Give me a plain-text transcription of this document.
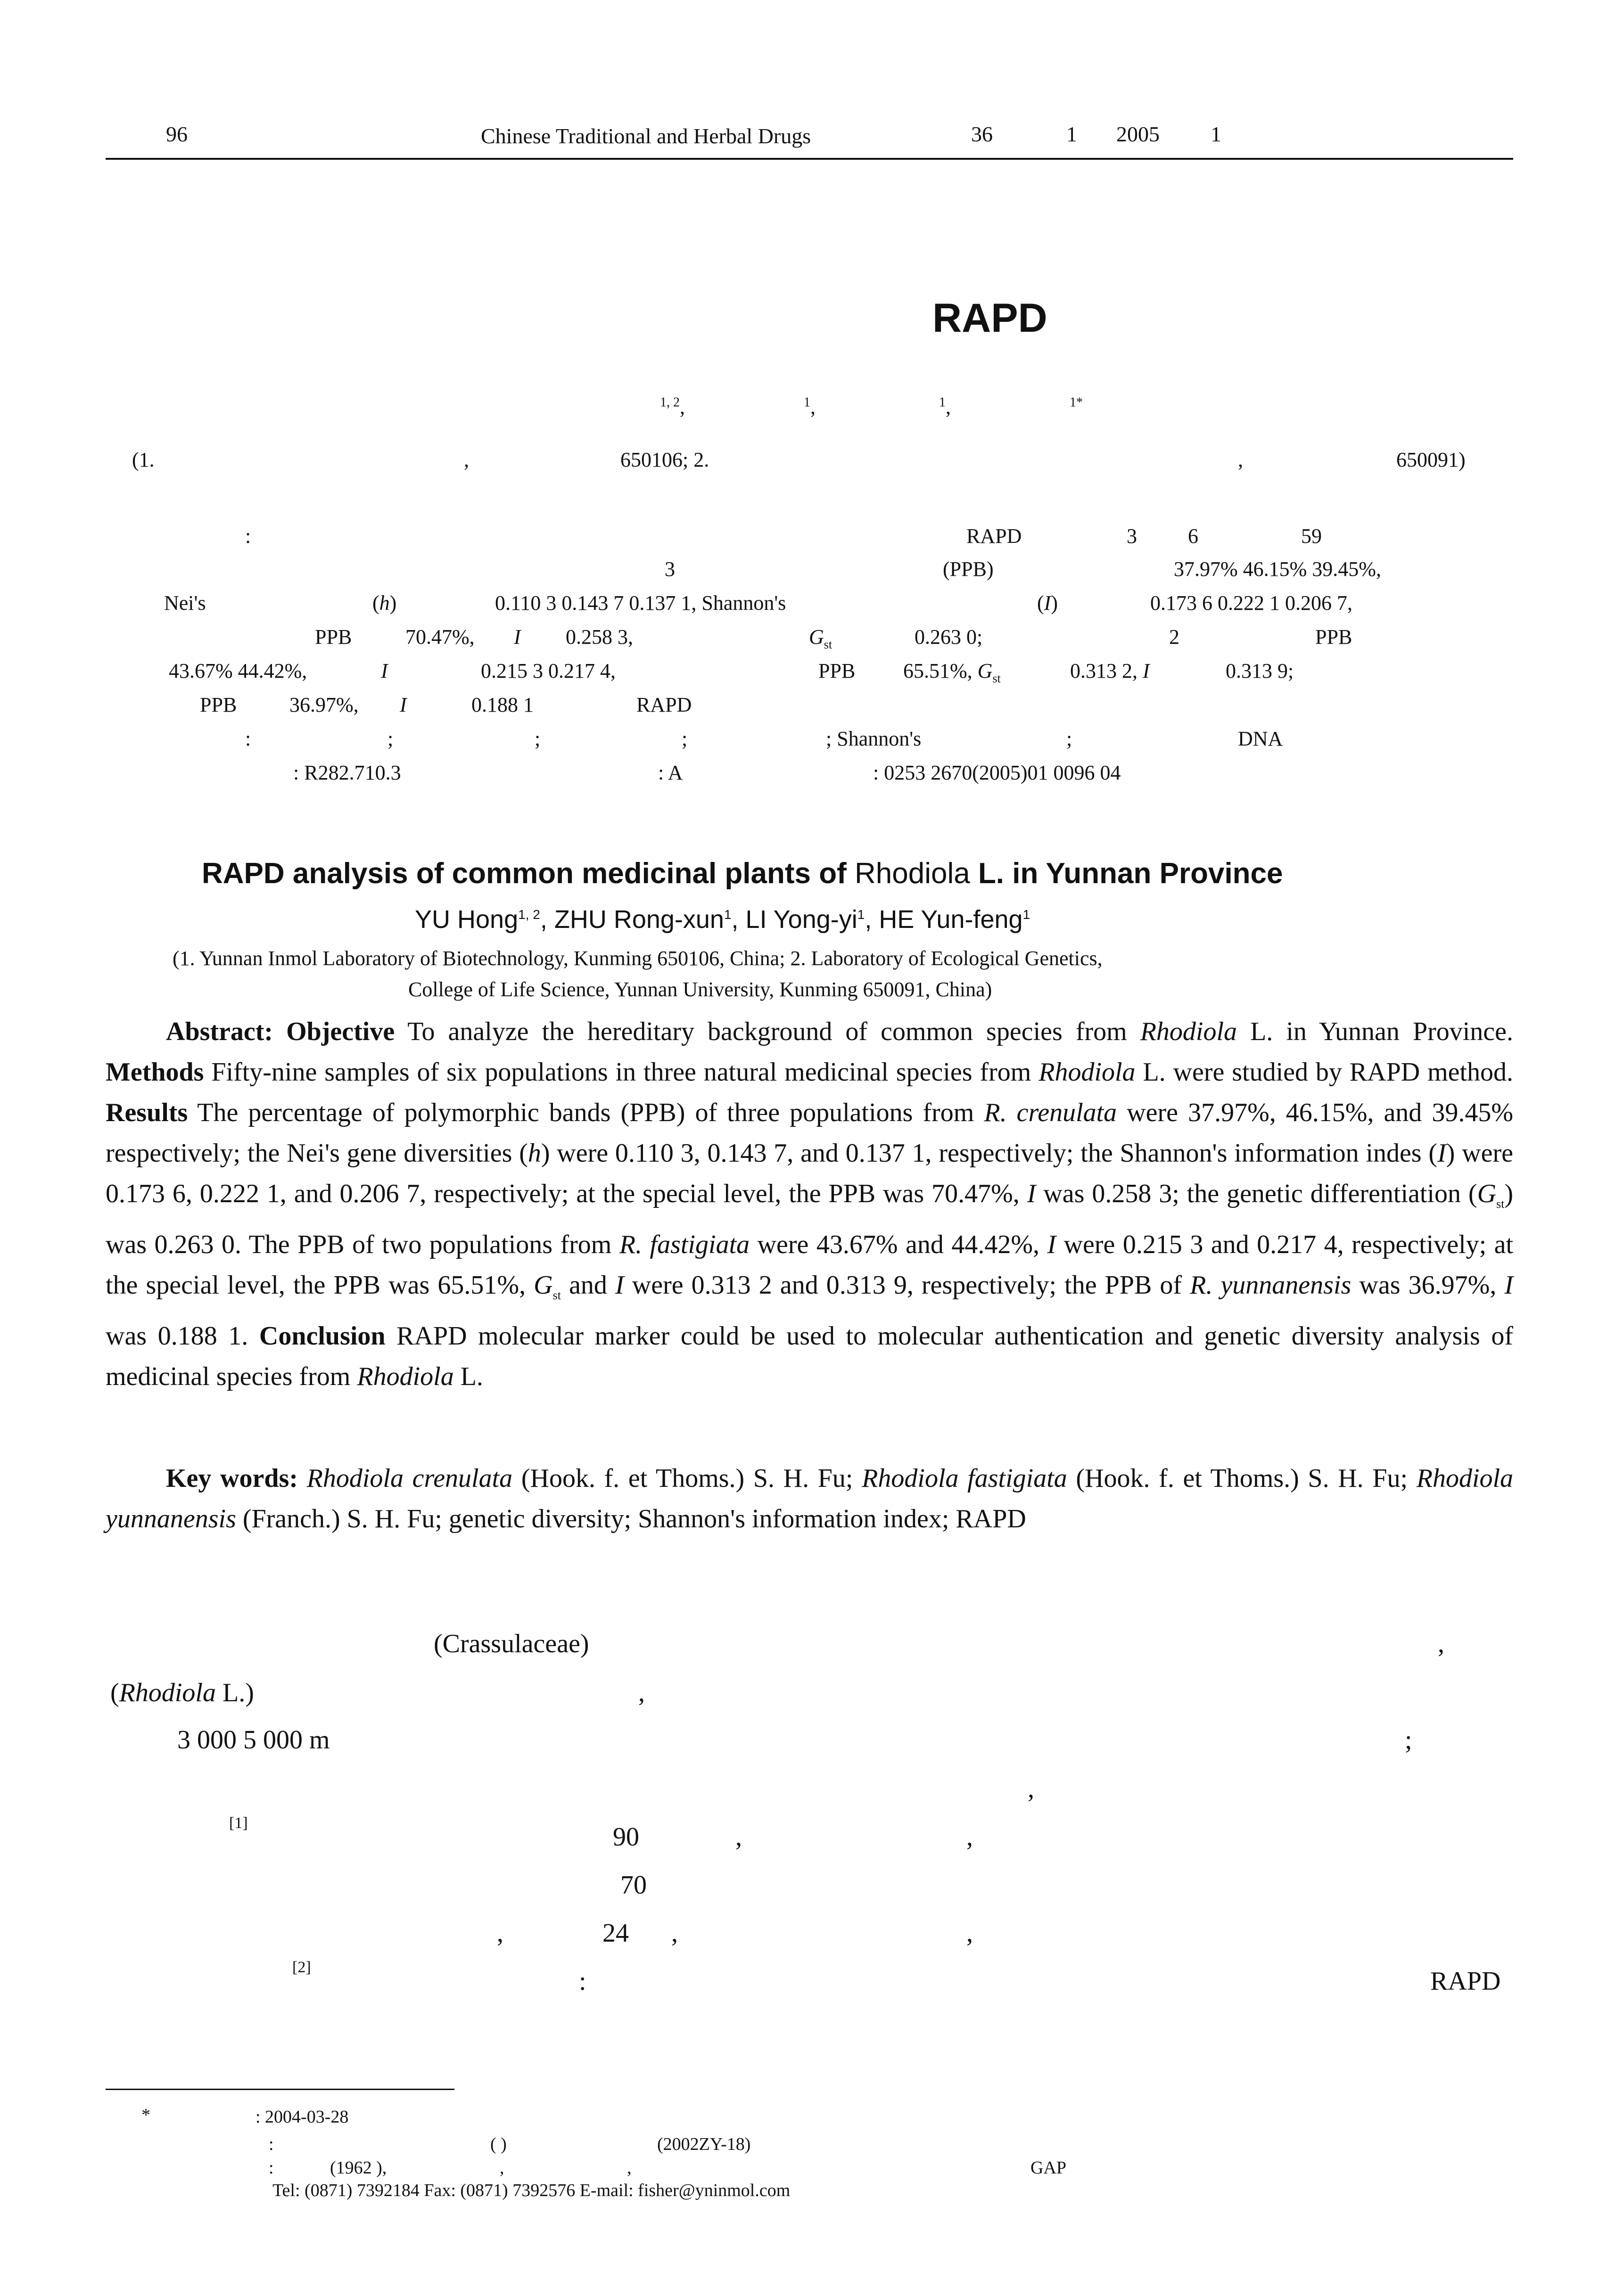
96	Chinese Traditional and Herbal Drugs	36	1 2005 1
RAPD
$^{1, 2}$,	$^1$,	$^1$,	$^{1*}$
(1.	,	650106; 2.	,	650091)
:	RAPD	3 6	59
3	(PPB)	37.97% 46.15% 39.45%,
Nei's	(h)	0.110 3 0.143 7 0.137 1, Shannon's	(I)	0.173 6 0.222 1 0.206 7,
PPB	70.47%, I 0.258 3,	$G_{st}$	0.263 0;	2	PPB
43.67% 44.42%,	I	0.215 3 0.217 4,	PPB 65.51%, $G_{st}$	0.313 2, I	0.313 9;
PPB	36.97%, I	0.188 1	RAPD
:	;	;	;	; Shannon's	;	DNA
: R282.710.3	: A	: 0253 2670(2005)01 0096 04
RAPD analysis of common medicinal plants of Rhodiola L. in Yunnan Province
YU Hong$^{1, 2}$, ZHU Rong-xun$^1$, LI Yong-$yi^1$, HE Yun-feng$^1$
(1. Yunnan Inmol Laboratory of Biotechnology, Kunming 650106, China; 2. Laboratory of Ecological Genetics,
College of Life Science, Yunnan University, Kunming 650091, China)
Abstract: Objective To analyze the hereditary background of common species from Rhodiola L. in Yunnan Province. Methods Fifty-nine samples of six populations in three natural medicinal species from Rhodiola L. were studied by RAPD method. Results The percentage of polymorphic bands (PPB) of three populations from R. crenulata were 37.97%, 46.15%, and 39.45% respectively; the Nei's gene diversities (h) were 0.110 3, 0.143 7, and 0.137 1, respectively; the Shannon's information indes (I) were 0.173 6, 0.222 1, and 0.206 7, respectively; at the special level, the PPB was 70.47%, I was 0.258 3; the genetic differentiation $(G_{st})$ was 0.263 0. The PPB of two populations from R. fastigiata were 43.67% and 44.42%, I were 0.215 3 and 0.217 4, respectively; at the special level, the PPB was 65.51%, $G_{st}$ and I were 0.313 2 and 0.313 9, respectively; the PPB of R. yunnanensis was 36.97%, I was 0.188 1. Conclusion RAPD molecular marker could be used to molecular authentication and genetic diversity analysis of medicinal species from Rhodiola L.
Key words: Rhodiola crenulata (Hook. f. et Thoms.) S. H. Fu; Rhodiola fastigiata (Hook. f. et Thoms.) S. H. Fu; Rhodiola yunnanensis (Franch.) S. H. Fu; genetic diversity; Shannon's information index; RAPD
(Crassulaceae)	,
(Rhodiola L.)	,
3 000 5 000 m	;
,
[1]	90	,	,
70
,	24 ,	,
[2]	:	RAPD
*	: 2004-03-28
:	( )	(2002ZY-18)
:	(1962 ),	,	,	GAP
Tel: (0871) 7392184 Fax: (0871) 7392576 E-mail: fisher@yninmol.com
